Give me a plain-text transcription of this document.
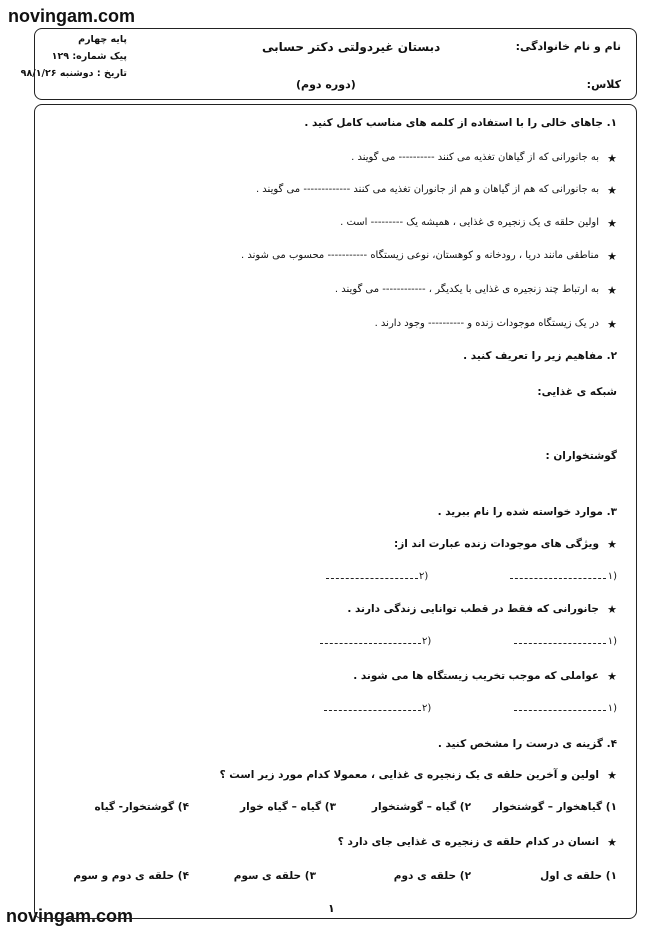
novingam.com
novingam.com
نام و نام خانوادگی:
کلاس:
دبستان غیردولتی دکتر حسابی
(دوره دوم)
پایه چهارم
پیک شماره: ۱۲۹
تاریخ : دوشنبه ۹۸/۱/۲۶
۱. جاهای خالی را با استفاده از کلمه های مناسب کامل کنید .
★
به جانورانی که از گیاهان تغذیه می کنند ---------- می گویند .
★
به جانورانی که هم از گیاهان و هم از جانوران تغذیه می کنند ------------- می گویند .
★
اولین حلقه ی یک زنجیره ی غذایی ، همیشه یک --------- است .
★
مناطقی مانند دریا ، رودخانه و کوهستان، نوعی زیستگاه ----------- محسوب می شوند .
★
به ارتباط چند زنجیره ی غذایی با یکدیگر ، ------------ می گویند .
★
در یک زیستگاه موجودات زنده و ---------- وجود دارند .
۲. مفاهیم زیر را تعریف کنید .
شبکه ی غذایی:
گوشتخواران :
۳. موارد خواسته شده را نام ببرید .
★
ویژگی های موجودات زنده عبارت اند از:
۱)
۲)
★
جانورانی که فقط در قطب توانایی زندگی دارند .
۱)
۲)
★
عواملی که موجب تخریب زیستگاه ها می شوند .
۱)
۲)
۴. گزینه ی درست را مشخص کنید .
★
اولین و آخرین حلقه ی یک زنجیره ی غذایی ، معمولا کدام مورد زیر است ؟
۱) گیاهخوار – گوشتخوار
۲) گیاه – گوشتخوار
۳) گیاه – گیاه خوار
۴) گوشتخوار- گیاه
★
انسان در کدام حلقه ی زنجیره ی غذایی جای دارد ؟
۱) حلقه ی اول
۲) حلقه ی دوم
۳) حلقه ی سوم
۴) حلقه ی دوم و سوم
۱
